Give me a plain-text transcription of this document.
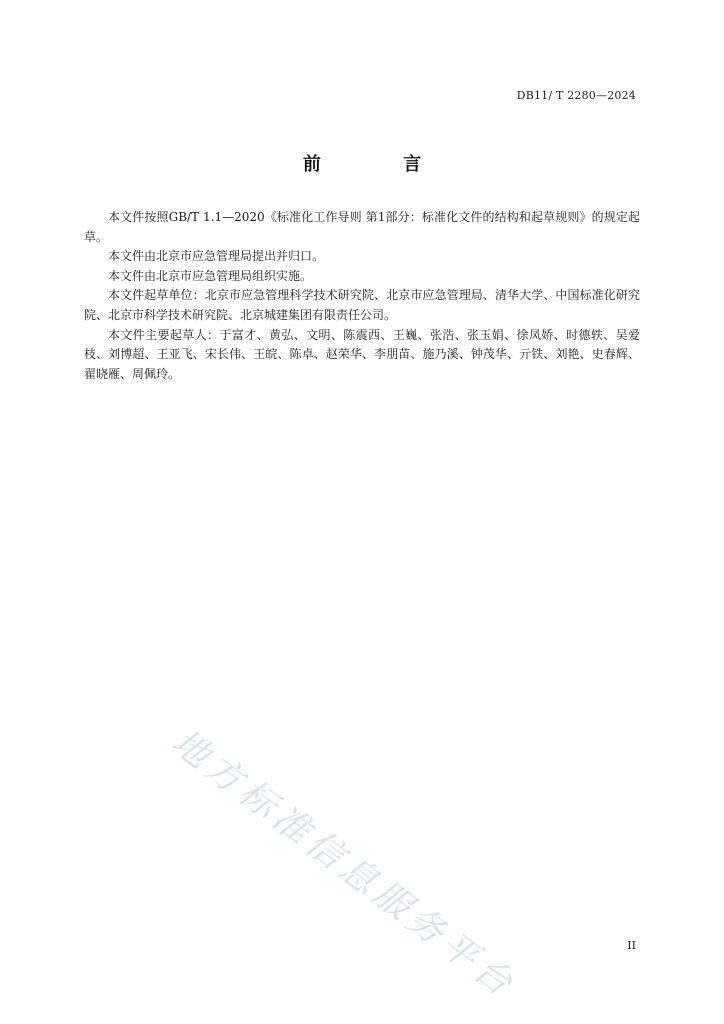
DB11/ T 2280—2024
前 言

本文件按照GB/T 1.1—2020《标准化工作导则 第1部分：标准化文件的结构和起草规则》的规定起草。

本文件由北京市应急管理局提出并归口。

本文件由北京市应急管理局组织实施。

本文件起草单位：北京市应急管理科学技术研究院、北京市应急管理局、清华大学、中国标准化研究院、北京市科学技术研究院、北京城建集团有限责任公司。

本文件主要起草人：于富才、黄弘、文明、陈震西、王巍、张浩、张玉娟、徐凤娇、时德轶、吴爱枝、刘博超、王亚飞、宋长伟、王皖、陈卓、赵荣华、李朋苗、施乃溪、钟茂华、亓铁、刘艳、史春辉、翟晓雁、周佩玲。

地方标准信息服务平台	II
